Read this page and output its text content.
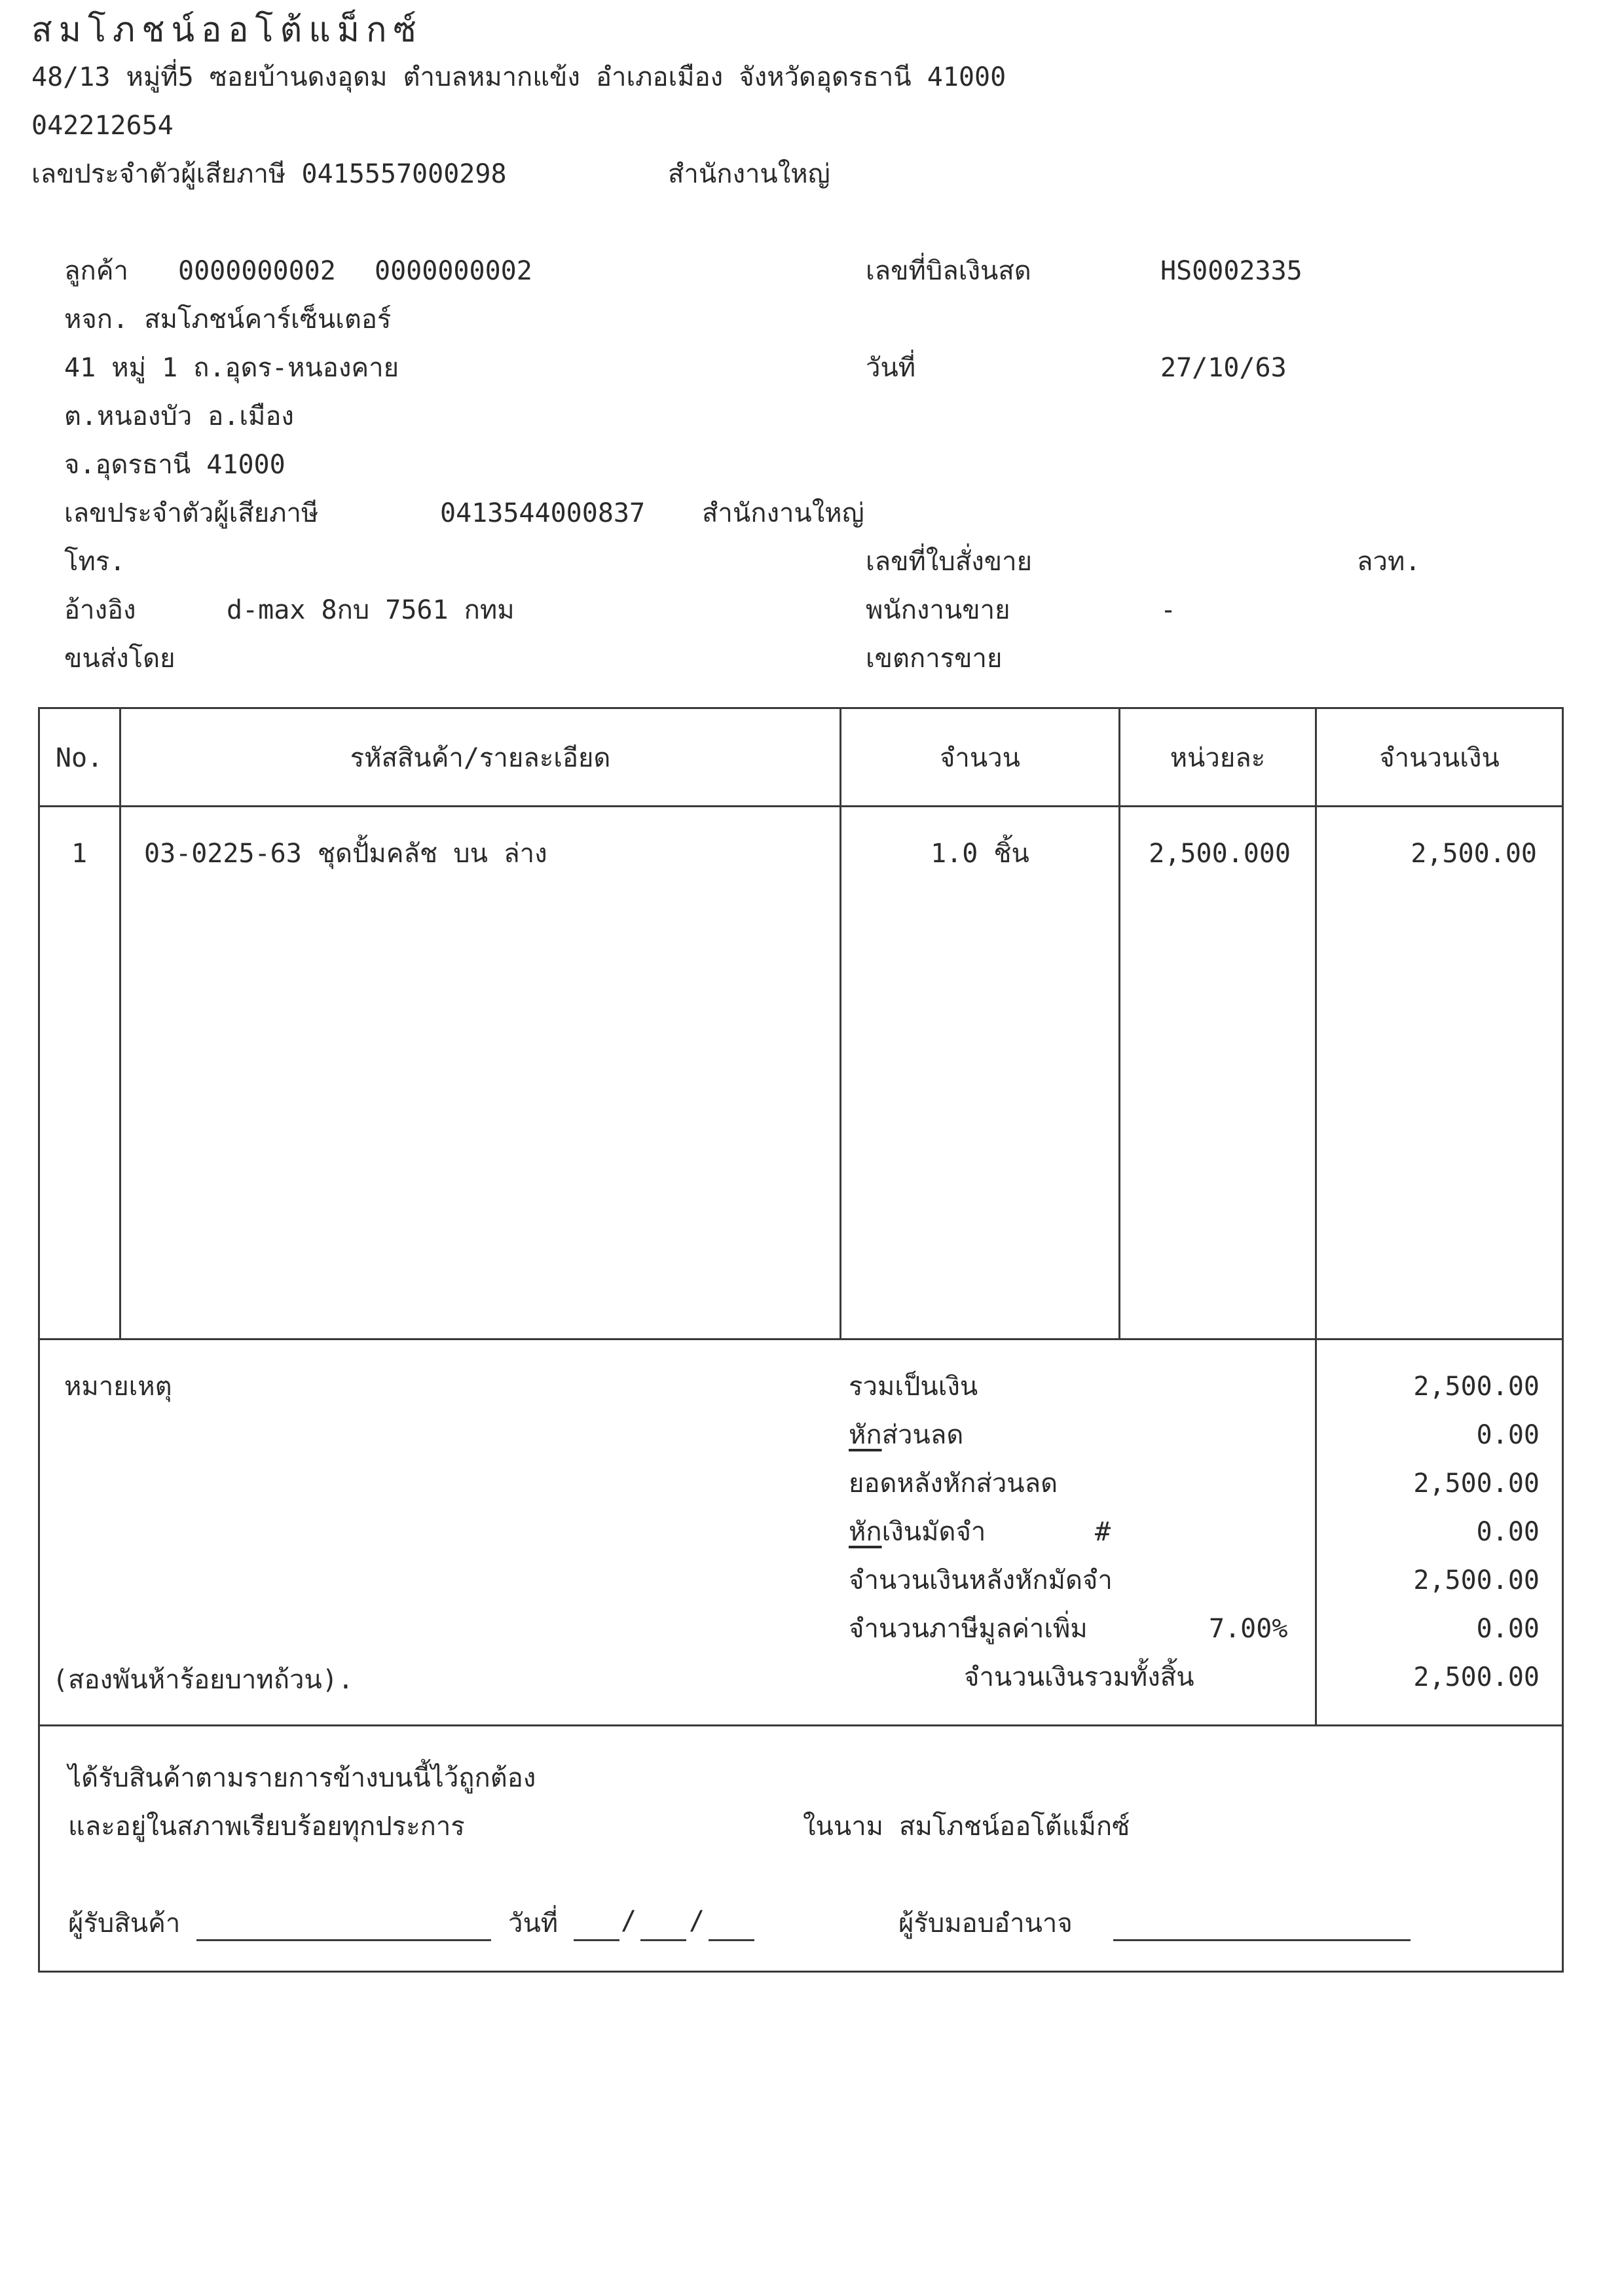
สมโภชน์ออโต้แม็กซ์
48/13 หมู่ที่5 ซอยบ้านดงอุดม ตำบลหมากแข้ง อำเภอเมือง จังหวัดอุดรธานี 41000
042212654
เลขประจำตัวผู้เสียภาษี 0415557000298	สำนักงานใหญ่
ลูกค้า 0000000002 0000000002
หจก. สมโภชน์คาร์เซ็นเตอร์
41 หมู่ 1 ถ.อุดร-หนองคาย
ต.หนองบัว อ.เมือง
จ.อุดรธานี 41000
เลขประจำตัวผู้เสียภาษี	0413544000837 สำนักงานใหญ่
โทร.
อ้างอิง	d-max 8กบ 7561 กทม
ขนส่งโดย
เลขที่บิลเงินสด	HS0002335
วันที่	27/10/63
เลขที่ใบสั่งขาย	ลวท.
พนักงานขาย	-
เขตการขาย
No.	รหัสสินค้า/รายละเอียด	จำนวน	หน่วยละ	จำนวนเงิน
1	03-0225-63 ชุดปั้มคลัช บน ล่าง	1.0 ชิ้น	2,500.000	2,500.00
หมายเหตุ
(สองพันห้าร้อยบาทถ้วน).
รวมเป็นเงิน	2,500.00
หักส่วนลด	0.00
ยอดหลังหักส่วนลด	2,500.00
หักเงินมัดจำ	#	0.00
จำนวนเงินหลังหักมัดจำ	2,500.00
จำนวนภาษีมูลค่าเพิ่ม	7.00%	0.00
จำนวนเงินรวมทั้งสิ้น	2,500.00
ได้รับสินค้าตามรายการข้างบนนี้ไว้ถูกต้อง
และอยู่ในสภาพเรียบร้อยทุกประการ	ในนาม สมโภชน์ออโต้แม็กซ์
ผู้รับสินค้า	วันที่ / /	ผู้รับมอบอำนาจ
